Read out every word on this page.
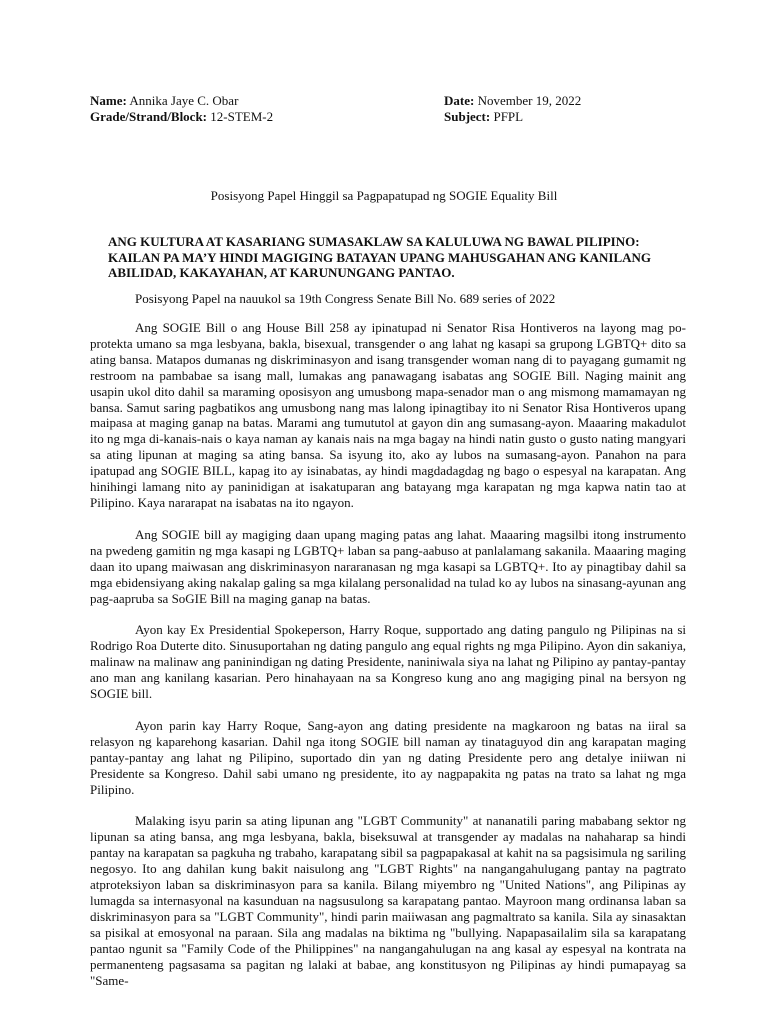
Name: Annika Jaye C. Obar
Grade/Strand/Block: 12-STEM-2
Date: November 19, 2022
Subject: PFPL
Posisyong Papel Hinggil sa Pagpapatupad ng SOGIE Equality Bill
ANG KULTURA AT KASARIANG SUMASAKLAW SA KALULUWA NG BAWAL PILIPINO: KAILAN PA MA’Y HINDI MAGIGING BATAYAN UPANG MAHUSGAHAN ANG KANILANG ABILIDAD, KAKAYAHAN, AT KARUNUNGANG PANTAO.

Posisyong Papel na nauukol sa 19th Congress Senate Bill No. 689 series of 2022

Ang SOGIE Bill o ang House Bill 258 ay ipinatupad ni Senator Risa Hontiveros na layong mag po-protekta umano sa mga lesbyana, bakla, bisexual, transgender o ang lahat ng kasapi sa grupong LGBTQ+ dito sa ating bansa. Matapos dumanas ng diskriminasyon and isang transgender woman nang di to payagang gumamit ng restroom na pambabae sa isang mall, lumakas ang panawagang isabatas ang SOGIE Bill. Naging mainit ang usapin ukol dito dahil sa maraming oposisyon ang umusbong mapa-senador man o ang mismong mamamayan ng bansa. Samut saring pagbatikos ang umusbong nang mas lalong ipinagtibay ito ni Senator Risa Hontiveros upang maipasa at maging ganap na batas. Marami ang tumututol at gayon din ang sumasang-ayon. Maaaring makadulot ito ng mga di-kanais-nais o kaya naman ay kanais nais na mga bagay na hindi natin gusto o gusto nating mangyari sa ating lipunan at maging sa ating bansa. Sa isyung ito, ako ay lubos na sumasang-ayon. Panahon na para ipatupad ang SOGIE BILL, kapag ito ay isinabatas, ay hindi magdadagdag ng bago o espesyal na karapatan. Ang hinihingi lamang nito ay paninidigan at isakatuparan ang batayang mga karapatan ng mga kapwa natin tao at Pilipino. Kaya nararapat na isabatas na ito ngayon.

Ang SOGIE bill ay magiging daan upang maging patas ang lahat. Maaaring magsilbi itong instrumento na pwedeng gamitin ng mga kasapi ng LGBTQ+ laban sa pang-aabuso at panlalamang sakanila. Maaaring maging daan ito upang maiwasan ang diskriminasyon nararanasan ng mga kasapi sa LGBTQ+. Ito ay pinagtibay dahil sa mga ebidensiyang aking nakalap galing sa mga kilalang personalidad na tulad ko ay lubos na sinasang-ayunan ang pag-aapruba sa SoGIE Bill na maging ganap na batas.

Ayon kay Ex Presidential Spokeperson, Harry Roque, supportado ang dating pangulo ng Pilipinas na si Rodrigo Roa Duterte dito. Sinusuportahan ng dating pangulo ang equal rights ng mga Pilipino. Ayon din sakaniya, malinaw na malinaw ang paninindigan ng dating Presidente, naniniwala siya na lahat ng Pilipino ay pantay-pantay ano man ang kanilang kasarian. Pero hinahayaan na sa Kongreso kung ano ang magiging pinal na bersyon ng SOGIE bill.

Ayon parin kay Harry Roque, Sang-ayon ang dating presidente na magkaroon ng batas na iiral sa relasyon ng kaparehong kasarian. Dahil nga itong SOGIE bill naman ay tinataguyod din ang karapatan maging pantay-pantay ang lahat ng Pilipino, suportado din yan ng dating Presidente pero ang detalye iniiwan ni Presidente sa Kongreso. Dahil sabi umano ng presidente, ito ay nagpapakita ng patas na trato sa lahat ng mga Pilipino.

Malaking isyu parin sa ating lipunan ang "LGBT Community" at nananatili paring mababang sektor ng lipunan sa ating bansa, ang mga lesbyana, bakla, biseksuwal at transgender ay madalas na nahaharap sa hindi pantay na karapatan sa pagkuha ng trabaho, karapatang sibil sa pagpapakasal at kahit na sa pagsisimula ng sariling negosyo. Ito ang dahilan kung bakit naisulong ang "LGBT Rights" na nangangahulugang pantay na pagtrato atproteksiyon laban sa diskriminasyon para sa kanila. Bilang miyembro ng "United Nations", ang Pilipinas ay lumagda sa internasyonal na kasunduan na nagsusulong sa karapatang pantao. Mayroon mang ordinansa laban sa diskriminasyon para sa "LGBT Community", hindi parin maiiwasan ang pagmaltrato sa kanila. Sila ay sinasaktan sa pisikal at emosyonal na paraan. Sila ang madalas na biktima ng "bullying. Napapasailalim sila sa karapatang pantao ngunit sa "Family Code of the Philippines" na nangangahulugan na ang kasal ay espesyal na kontrata na permanenteng pagsasama sa pagitan ng lalaki at babae, ang konstitusyon ng Pilipinas ay hindi pumapayag sa "Same-
